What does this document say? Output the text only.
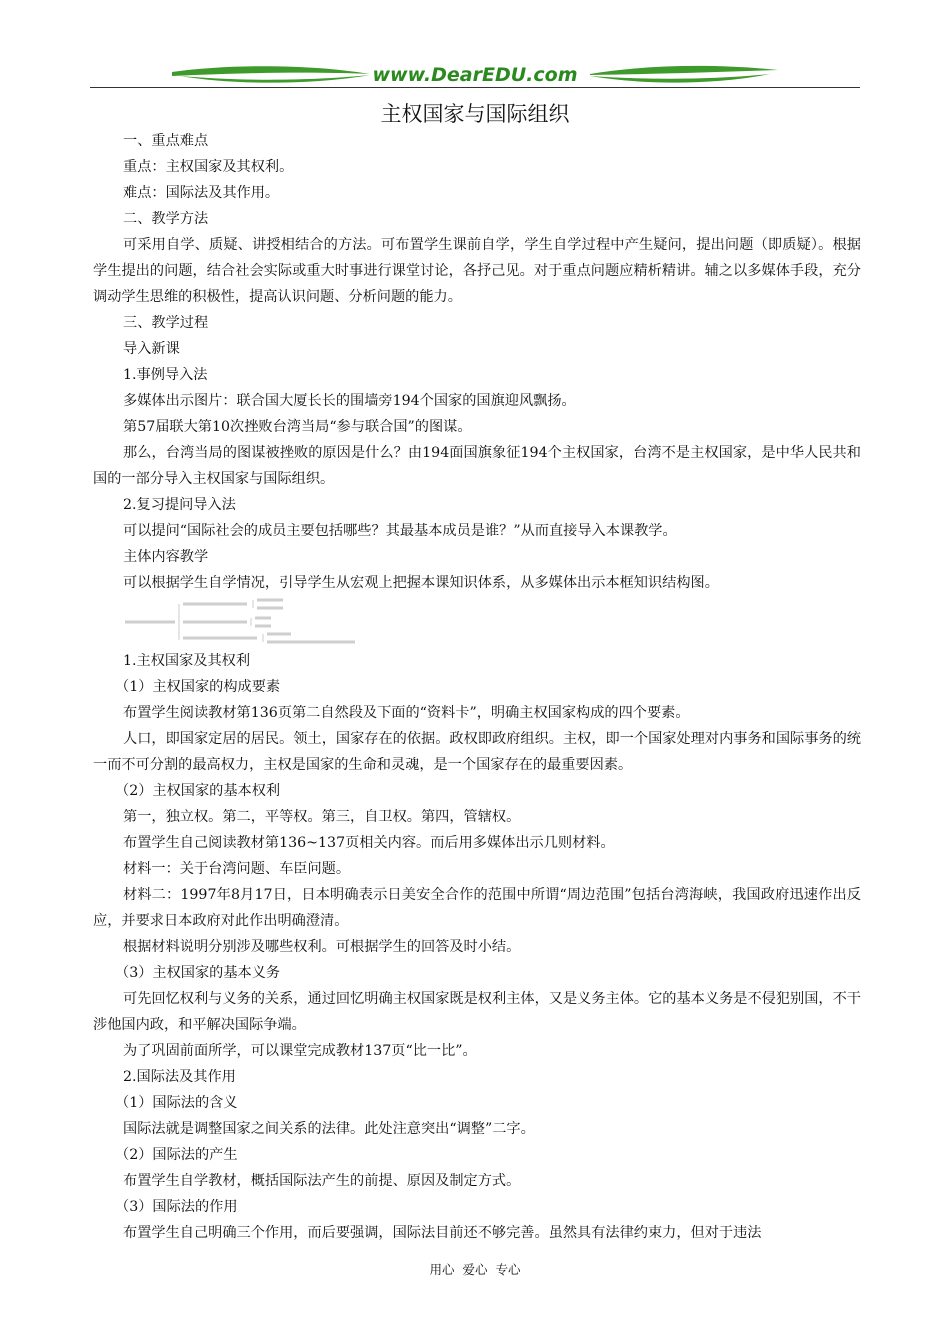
www.DearEDU.com
主权国家与国际组织

一、重点难点

重点：主权国家及其权利。

难点：国际法及其作用。

二、教学方法

可采用自学、质疑、讲授相结合的方法。可布置学生课前自学，学生自学过程中产生疑问，提出问题（即质疑）。根据学生提出的问题，结合社会实际或重大时事进行课堂讨论，各抒己见。对于重点问题应精析精讲。辅之以多媒体手段，充分调动学生思维的积极性，提高认识问题、分析问题的能力。

三、教学过程

导入新课

1.事例导入法

多媒体出示图片：联合国大厦长长的围墙旁194个国家的国旗迎风飘扬。

第57届联大第10次挫败台湾当局“参与联合国”的图谋。

那么，台湾当局的图谋被挫败的原因是什么？由194面国旗象征194个主权国家，台湾不是主权国家，是中华人民共和国的一部分导入主权国家与国际组织。

2.复习提问导入法

可以提问“国际社会的成员主要包括哪些？其最基本成员是谁？”从而直接导入本课教学。

主体内容教学

可以根据学生自学情况，引导学生从宏观上把握本课知识体系，从多媒体出示本框知识结构图。

1.主权国家及其权利

（1）主权国家的构成要素

布置学生阅读教材第136页第二自然段及下面的“资料卡”，明确主权国家构成的四个要素。

人口，即国家定居的居民。领土，国家存在的依据。政权即政府组织。主权，即一个国家处理对内事务和国际事务的统一而不可分割的最高权力，主权是国家的生命和灵魂，是一个国家存在的最重要因素。

（2）主权国家的基本权利

第一，独立权。第二，平等权。第三，自卫权。第四，管辖权。

布置学生自己阅读教材第136~137页相关内容。而后用多媒体出示几则材料。

材料一：关于台湾问题、车臣问题。

材料二：1997年8月17日，日本明确表示日美安全合作的范围中所谓“周边范围”包括台湾海峡，我国政府迅速作出反应，并要求日本政府对此作出明确澄清。

根据材料说明分别涉及哪些权利。可根据学生的回答及时小结。

（3）主权国家的基本义务

可先回忆权利与义务的关系，通过回忆明确主权国家既是权利主体，又是义务主体。它的基本义务是不侵犯别国，不干涉他国内政，和平解决国际争端。

为了巩固前面所学，可以课堂完成教材137页“比一比”。

2.国际法及其作用

（1）国际法的含义

国际法就是调整国家之间关系的法律。此处注意突出“调整”二字。

（2）国际法的产生

布置学生自学教材，概括国际法产生的前提、原因及制定方式。

（3）国际法的作用

布置学生自己明确三个作用，而后要强调，国际法目前还不够完善。虽然具有法律约束力，但对于违法

用心  爱心  专心
